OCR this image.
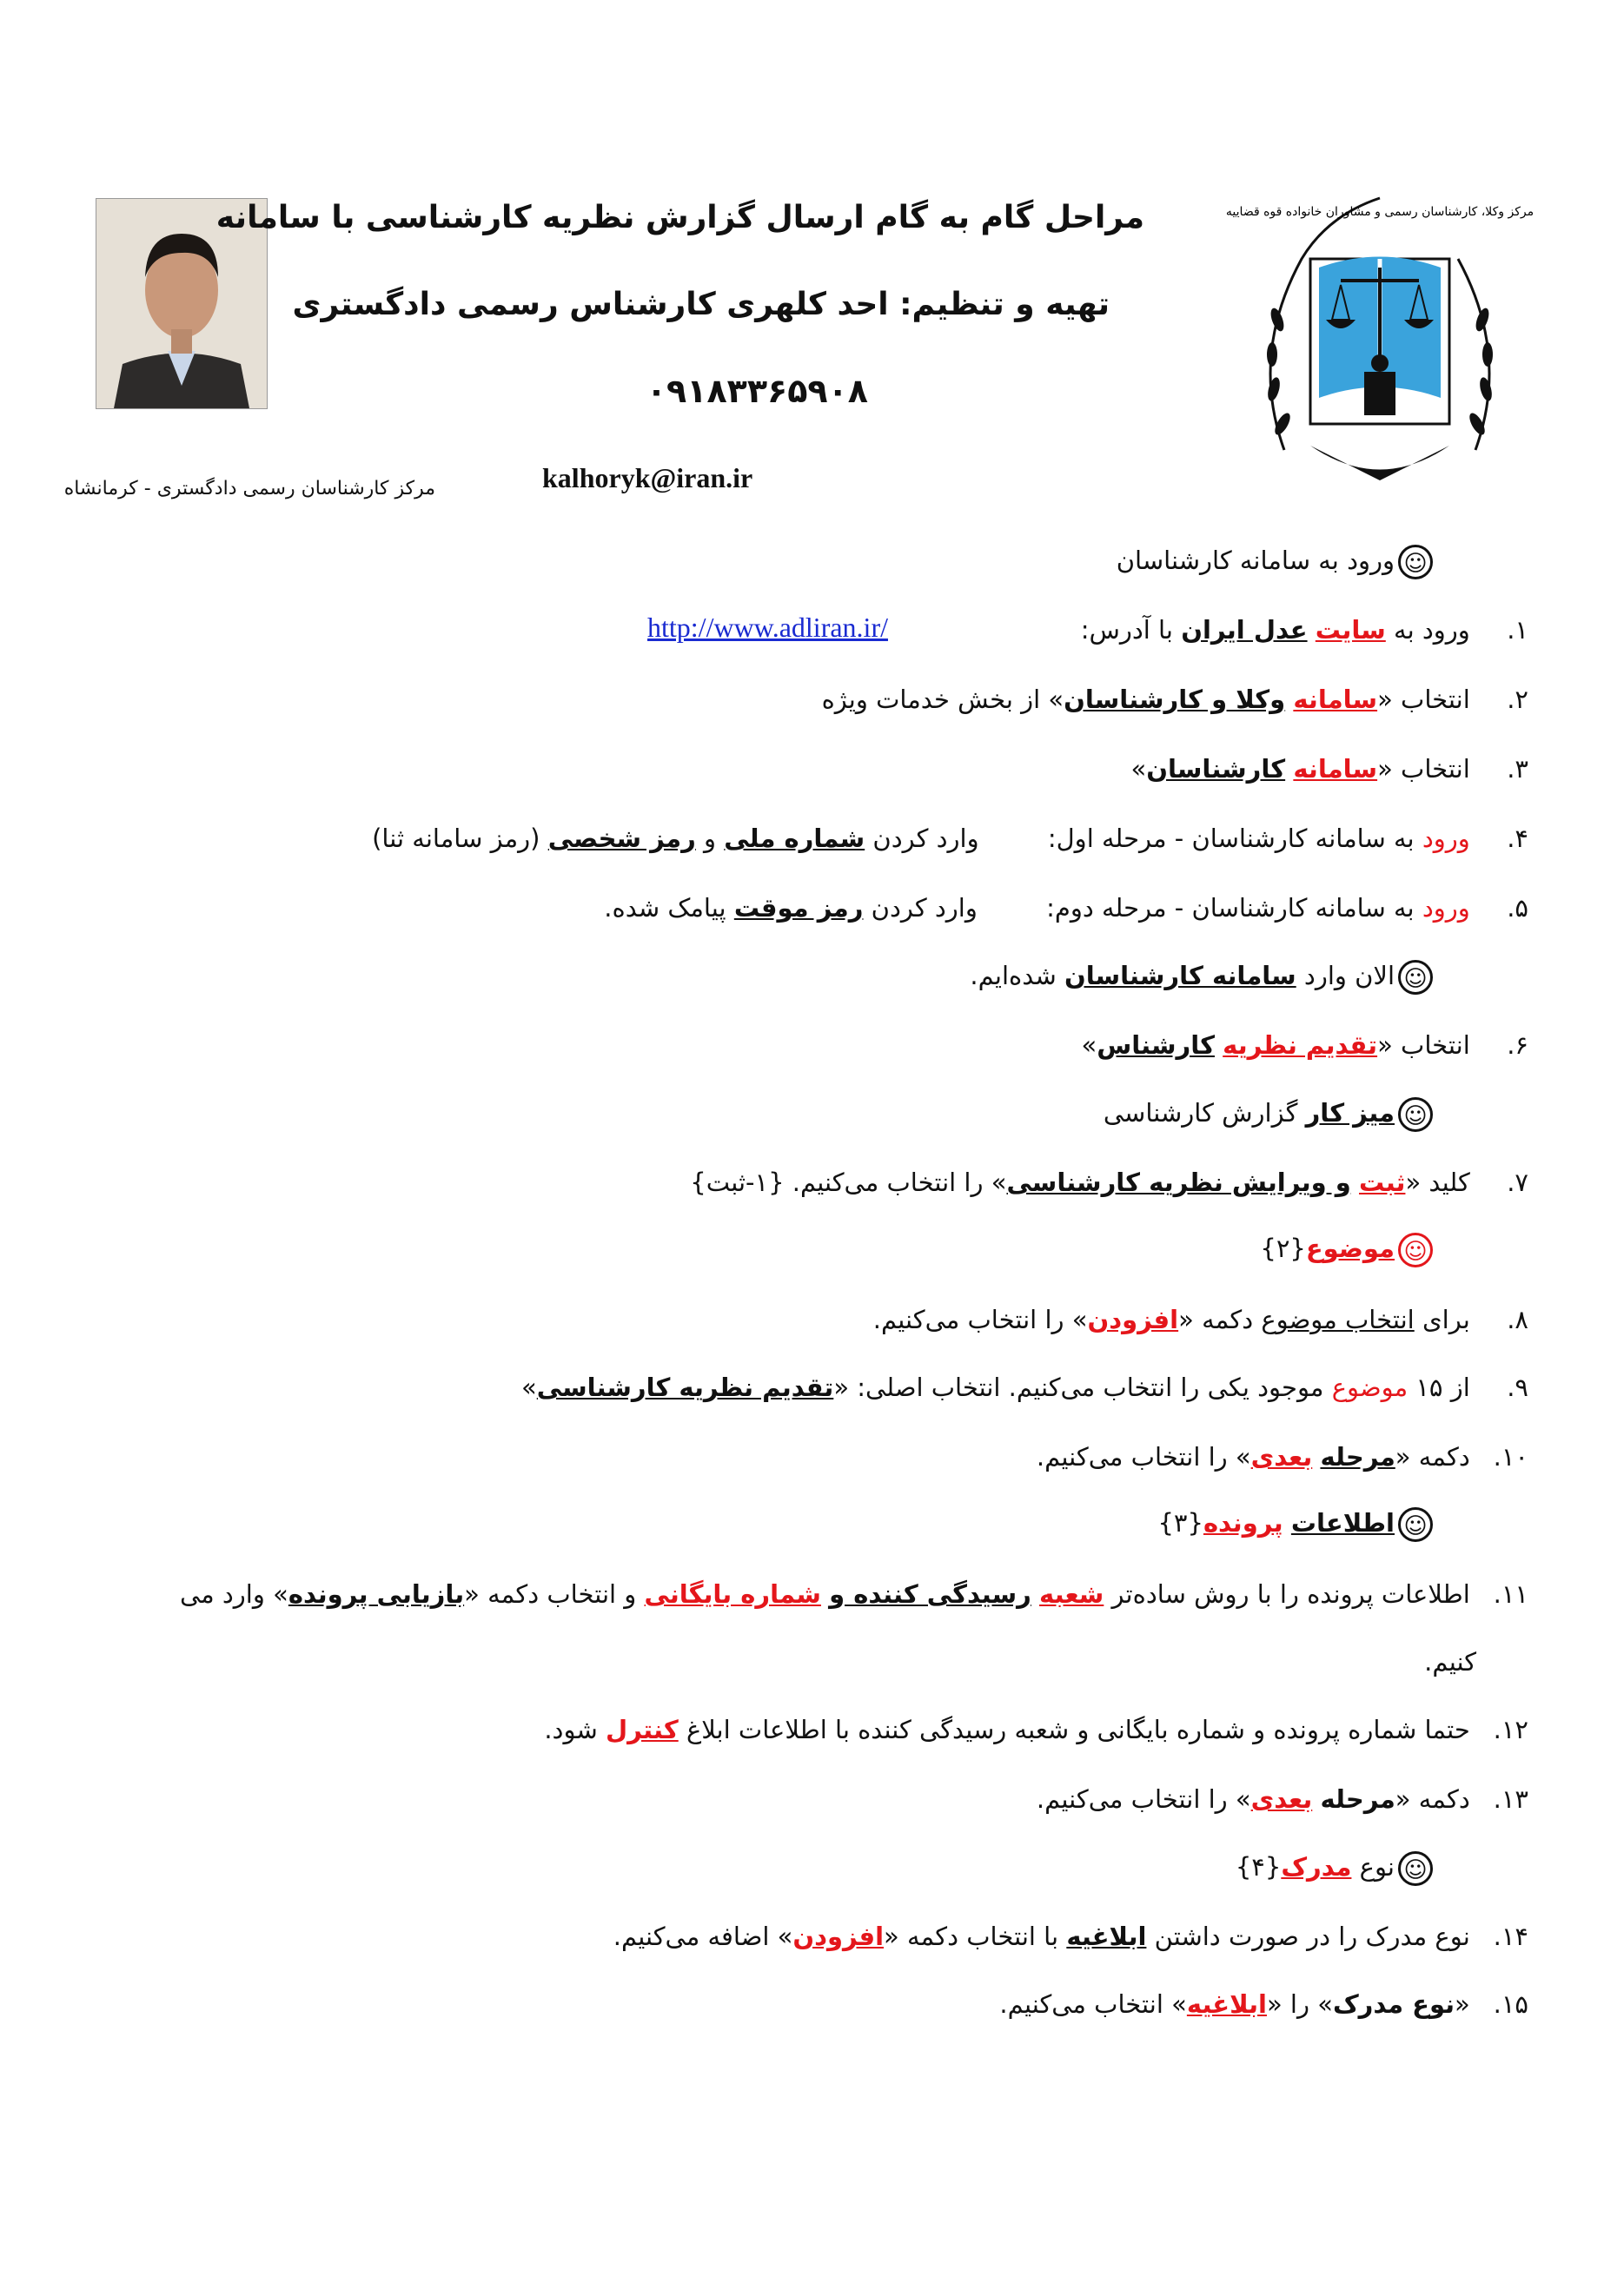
مرکز وکلا، کارشناسان رسمی و مشاوران خانواده قوه قضاییه
مراحل گام به گام ارسال گزارش نظریه کارشناسی با سامانه
تهیه و تنظیم: احد کلهری کارشناس رسمی دادگستری
۰۹۱۸۳۳۶۵۹۰۸
kalhoryk@iran.ir
مرکز کارشناسان رسمی دادگستری - کرمانشاه
☺ورود به سامانه کارشناسان
۱. ورود به سایت عدل ایران با آدرس:
http://www.adliran.ir/
۲. انتخاب «سامانه وکلا و کارشناسان» از بخش خدمات ویژه
۳. انتخاب «سامانه کارشناسان»
۴. ورود به سامانه کارشناسان - مرحله اول: وارد کردن شماره ملی و رمز شخصی (رمز سامانه ثنا)
۵. ورود به سامانه کارشناسان - مرحله دوم: وارد کردن رمز موقت پیامک شده.
☺الان وارد سامانه کارشناسان شده‌ایم.
۶. انتخاب «تقدیم نظریه کارشناس»
☺میز کار گزارش کارشناسی
۷. کلید «ثبت و ویرایش نظریه کارشناسی» را انتخاب می‌کنیم. {۱-ثبت}
☺موضوع{۲}
۸. برای انتخاب موضوع دکمه «افزودن» را انتخاب می‌کنیم.
۹. از ۱۵ موضوع موجود یکی را انتخاب می‌کنیم. انتخاب اصلی: «تقدیم نظریه کارشناسی»
۱۰. دکمه «مرحله بعدی» را انتخاب می‌کنیم.
☺اطلاعات پرونده{۳}
۱۱. اطلاعات پرونده را با روش ساده‌تر شعبه رسیدگی کننده و شماره بایگانی و انتخاب دکمه «بازیابی پرونده» وارد می
کنیم.
۱۲. حتما شماره پرونده و شماره بایگانی و شعبه رسیدگی کننده با اطلاعات ابلاغ کنترل شود.
۱۳. دکمه «مرحله بعدی» را انتخاب می‌کنیم.
☺نوع مدرک{۴}
۱۴. نوع مدرک را در صورت داشتن ابلاغیه با انتخاب دکمه «افزودن» اضافه می‌کنیم.
۱۵. «نوع مدرک» را «ابلاغیه» انتخاب می‌کنیم.
